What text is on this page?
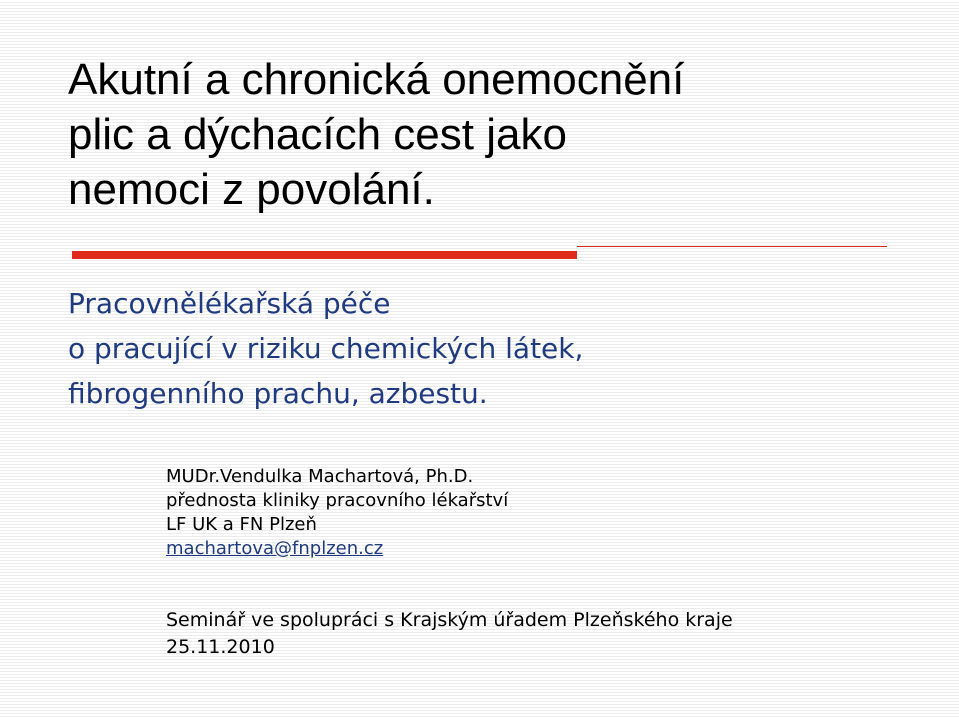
Akutní a chronická onemocnění
plic a dýchacích cest jako
nemoci z povolání.
Pracovnělékařská péče
o pracující v riziku chemických látek,
fibrogenního prachu, azbestu.
MUDr.Vendulka Machartová, Ph.D.
přednosta kliniky pracovního lékařství
LF UK a FN Plzeň
machartova@fnplzen.cz
Seminář ve spolupráci s Krajským úřadem Plzeňského kraje
25.11.2010
